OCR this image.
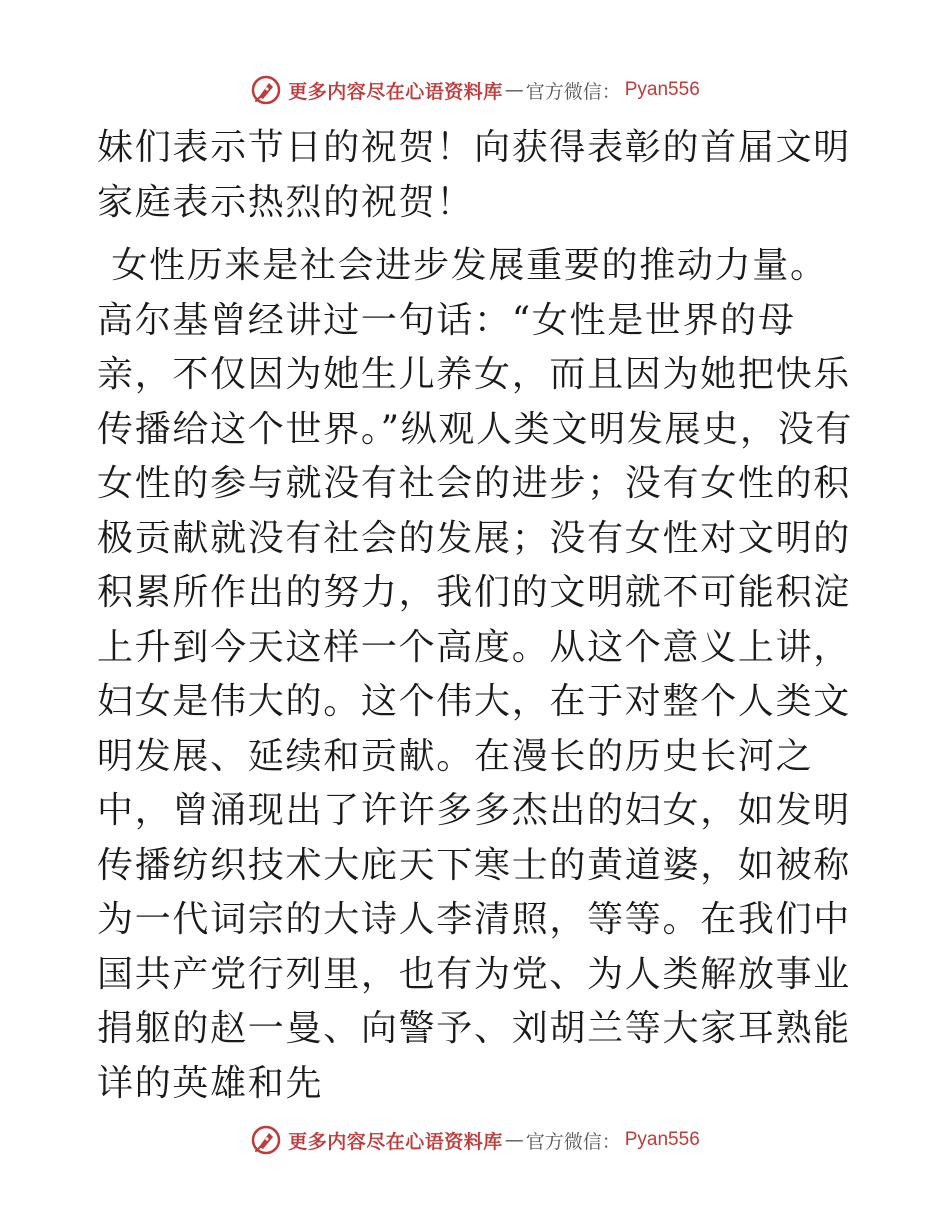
更多内容尽在心语资料库 — 官方微信： Pyan556

妹们表示节日的祝贺！向获得表彰的首届文明家庭表示热烈的祝贺！

女性历来是社会进步发展重要的推动力量。高尔基曾经讲过一句话：“女性是世界的母亲，不仅因为她生儿养女，而且因为她把快乐传播给这个世界。”纵观人类文明发展史，没有女性的参与就没有社会的进步；没有女性的积极贡献就没有社会的发展；没有女性对文明的积累所作出的努力，我们的文明就不可能积淀上升到今天这样一个高度。从这个意义上讲，妇女是伟大的。这个伟大，在于对整个人类文明发展、延续和贡献。在漫长的历史长河之中，曾涌现出了许许多多杰出的妇女，如发明传播纺织技术大庇天下寒士的黄道婆，如被称为一代词宗的大诗人李清照，等等。在我们中国共产党行列里，也有为党、为人类解放事业捐躯的赵一曼、向警予、刘胡兰等大家耳熟能详的英雄和先

更多内容尽在心语资料库 — 官方微信： Pyan556
